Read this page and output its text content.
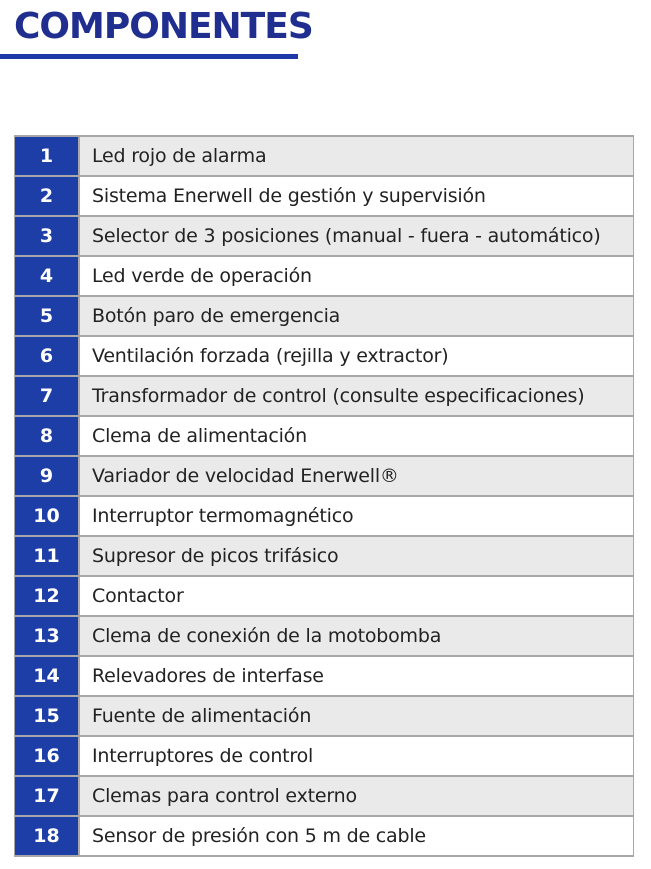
COMPONENTES
1	Led rojo de alarma
2	Sistema Enerwell de gestión y supervisión
3	Selector de 3 posiciones (manual - fuera - automático)
4	Led verde de operación
5	Botón paro de emergencia
6	Ventilación forzada (rejilla y extractor)
7	Transformador de control (consulte especificaciones)
8	Clema de alimentación
9	Variador de velocidad Enerwell®
10	Interruptor termomagnético
11	Supresor de picos trifásico
12	Contactor
13	Clema de conexión de la motobomba
14	Relevadores de interfase
15	Fuente de alimentación
16	Interruptores de control
17	Clemas para control externo
18	Sensor de presión con 5 m de cable
